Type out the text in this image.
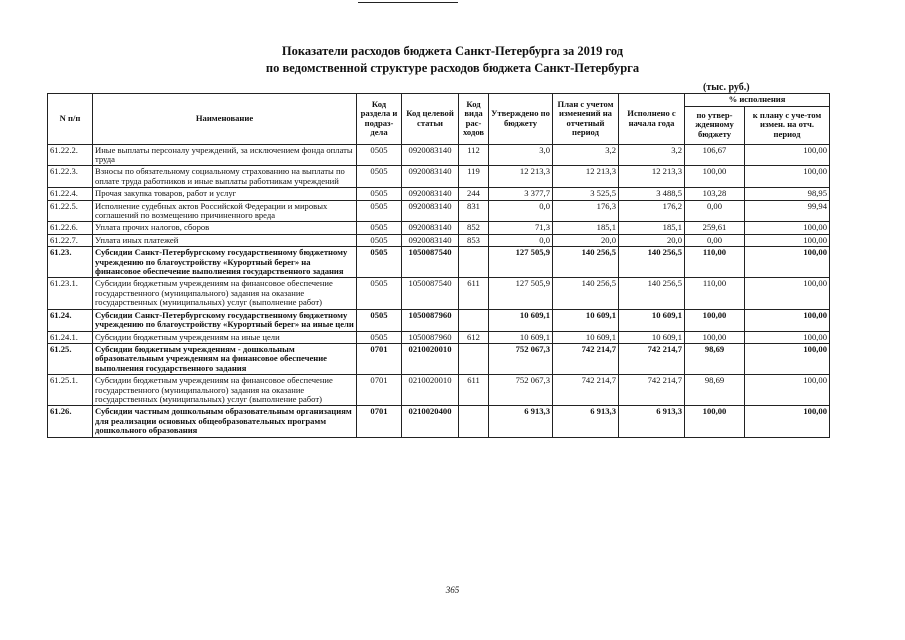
Показатели расходов бюджета Санкт-Петербурга за 2019 год
по ведомственной структуре расходов бюджета Санкт-Петербурга
(тыс. руб.)
N п/п	Наименование	Код раздела и подраз-дела	Код целевой статьи	Код вида рас-ходов	Утверждено по бюджету	План с учетом изменений на отчетный период	Исполнено с начала года	% исполнения	
								по утвер-жденному бюджету	к плану с уче-том измен. на отч. период
61.22.2.	Иные выплаты персоналу учреждений, за исключением фонда оплаты труда	0505	0920083140	112	3,0	3,2	3,2	106,67	100,00
61.22.3.	Взносы по обязательному социальному страхованию на выплаты по оплате труда работников и иные выплаты работникам учреждений	0505	0920083140	119	12 213,3	12 213,3	12 213,3	100,00	100,00
61.22.4.	Прочая закупка товаров, работ и услуг	0505	0920083140	244	3 377,7	3 525,5	3 488,5	103,28	98,95
61.22.5.	Исполнение судебных актов Российской Федерации и мировых соглашений по возмещению причиненного вреда	0505	0920083140	831	0,0	176,3	176,2	0,00	99,94
61.22.6.	Уплата прочих налогов, сборов	0505	0920083140	852	71,3	185,1	185,1	259,61	100,00
61.22.7.	Уплата иных платежей	0505	0920083140	853	0,0	20,0	20,0	0,00	100,00
61.23.	Субсидии Санкт-Петербургскому государственному бюджетному учреждению по благоустройству «Курортный берег» на финансовое обеспечение выполнения государственного задания	0505	1050087540		127 505,9	140 256,5	140 256,5	110,00	100,00
61.23.1.	Субсидии бюджетным учреждениям на финансовое обеспечение государственного (муниципального) задания на оказание государственных (муниципальных) услуг (выполнение работ)	0505	1050087540	611	127 505,9	140 256,5	140 256,5	110,00	100,00
61.24.	Субсидии Санкт-Петербургскому государственному бюджетному учреждению по благоустройству «Курортный берег» на иные цели	0505	1050087960		10 609,1	10 609,1	10 609,1	100,00	100,00
61.24.1.	Субсидии бюджетным учреждениям на иные цели	0505	1050087960	612	10 609,1	10 609,1	10 609,1	100,00	100,00
61.25.	Субсидии бюджетным учреждениям - дошкольным образовательным учреждениям на финансовое обеспечение выполнения государственного задания	0701	0210020010		752 067,3	742 214,7	742 214,7	98,69	100,00
61.25.1.	Субсидии бюджетным учреждениям на финансовое обеспечение государственного (муниципального) задания на оказание государственных (муниципальных) услуг (выполнение работ)	0701	0210020010	611	752 067,3	742 214,7	742 214,7	98,69	100,00
61.26.	Субсидии частным дошкольным образовательным организациям для реализации основных общеобразовательных программ дошкольного образования	0701	0210020400		6 913,3	6 913,3	6 913,3	100,00	100,00
365
